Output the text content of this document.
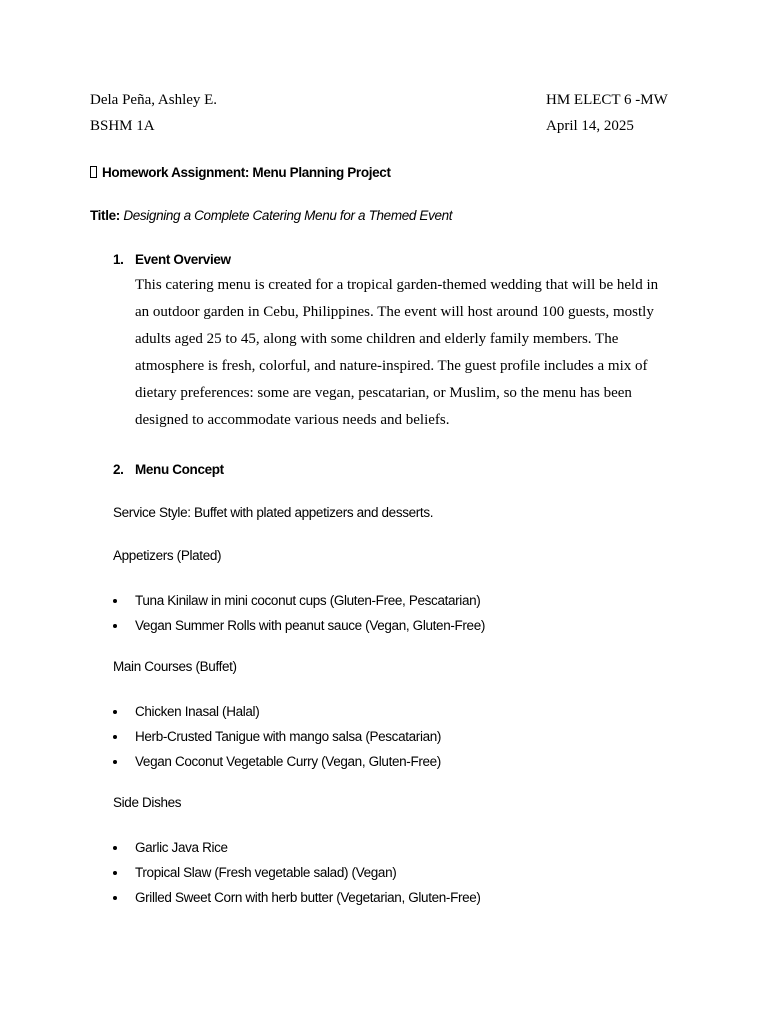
Dela Peña, Ashley E.
BSHM 1A
HM ELECT 6 -MW
April 14, 2025
Homework Assignment: Menu Planning Project
Title: Designing a Complete Catering Menu for a Themed Event
1. Event Overview
This catering menu is created for a tropical garden-themed wedding that will be held in an outdoor garden in Cebu, Philippines. The event will host around 100 guests, mostly adults aged 25 to 45, along with some children and elderly family members. The atmosphere is fresh, colorful, and nature-inspired. The guest profile includes a mix of dietary preferences: some are vegan, pescatarian, or Muslim, so the menu has been designed to accommodate various needs and beliefs.
2. Menu Concept
Service Style: Buffet with plated appetizers and desserts.
Appetizers (Plated)
Tuna Kinilaw in mini coconut cups (Gluten-Free, Pescatarian)
Vegan Summer Rolls with peanut sauce (Vegan, Gluten-Free)
Main Courses (Buffet)
Chicken Inasal (Halal)
Herb-Crusted Tanigue with mango salsa (Pescatarian)
Vegan Coconut Vegetable Curry (Vegan, Gluten-Free)
Side Dishes
Garlic Java Rice
Tropical Slaw (Fresh vegetable salad) (Vegan)
Grilled Sweet Corn with herb butter (Vegetarian, Gluten-Free)
